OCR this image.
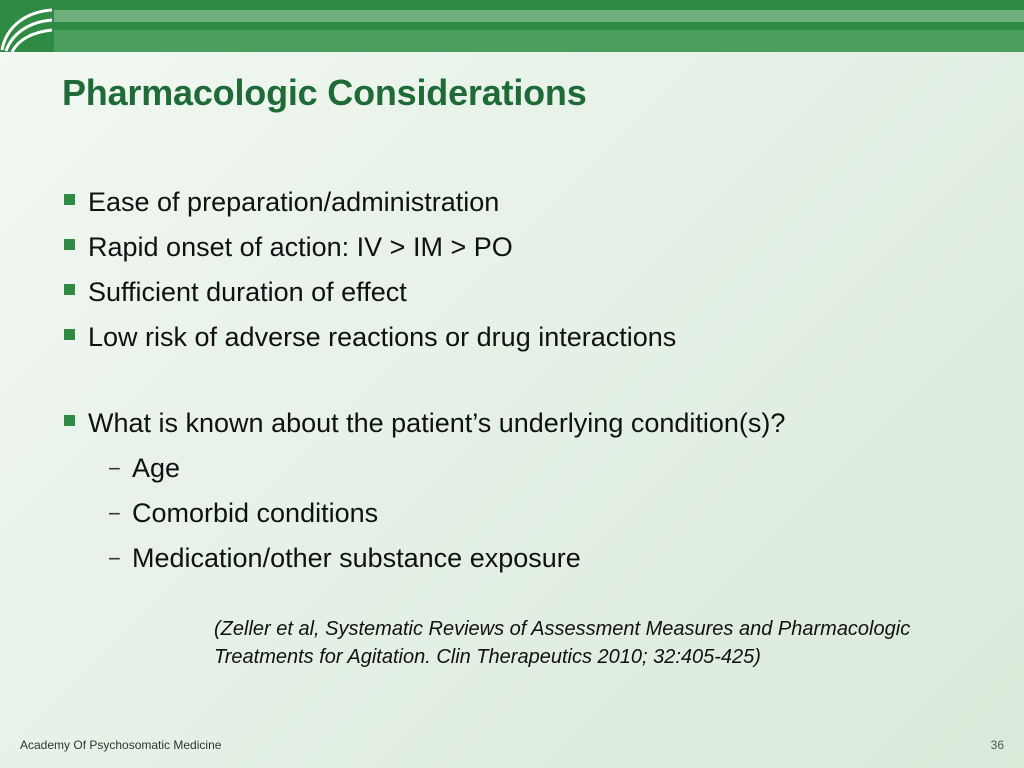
Pharmacologic Considerations
Ease of preparation/administration
Rapid onset of action: IV > IM > PO
Sufficient duration of effect
Low risk of adverse reactions or drug interactions
What is known about the patient’s underlying condition(s)?
− Age
− Comorbid conditions
− Medication/other substance exposure

(Zeller et al, Systematic Reviews of Assessment Measures and Pharmacologic Treatments for Agitation. Clin Therapeutics 2010; 32:405-425)

Academy Of Psychosomatic Medicine	36
